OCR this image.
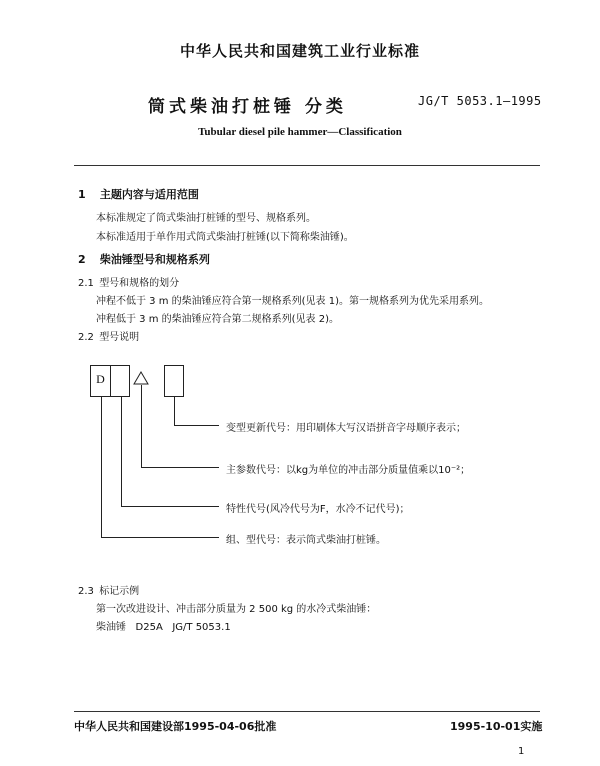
中华人民共和国建筑工业行业标准
筒式柴油打桩锤 分类	JG/T 5053.1—1995
Tubular diesel pile hammer—Classification
1 主题内容与适用范围
本标准规定了筒式柴油打桩锤的型号、规格系列。
本标准适用于单作用式筒式柴油打桩锤(以下简称柴油锤)。
2 柴油锤型号和规格系列
2.1 型号和规格的划分
冲程不低于 3 m 的柴油锤应符合第一规格系列(见表 1)。第一规格系列为优先采用系列。
冲程低于 3 m 的柴油锤应符合第二规格系列(见表 2)。
2.2 型号说明
D
变型更新代号：用印刷体大写汉语拼音字母顺序表示；
主参数代号：以kg为单位的冲击部分质量值乘以10⁻²；
特性代号(风冷代号为F，水冷不记代号)；
组、型代号：表示筒式柴油打桩锤。
2.3 标记示例
第一次改进设计、冲击部分质量为 2 500 kg 的水冷式柴油锤：
柴油锤   D25A   JG/T 5053.1
中华人民共和国建设部1995-04-06批准	1995-10-01实施
1
